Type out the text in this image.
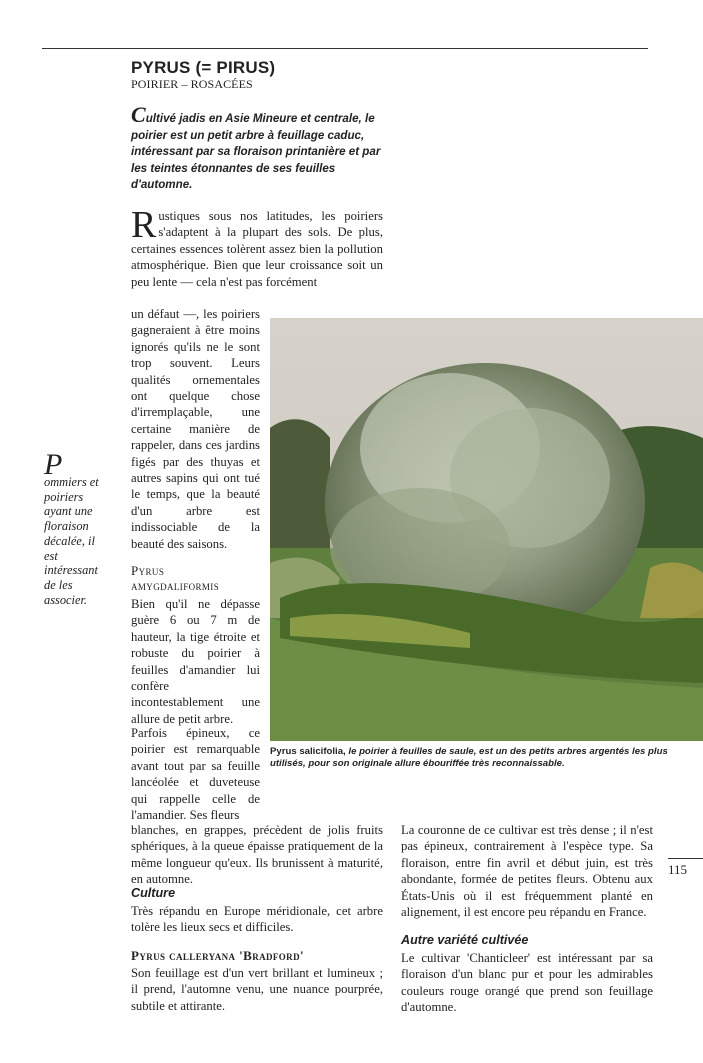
PYRUS (= PIRUS)
POIRIER – ROSACÉES
Cultivé jadis en Asie Mineure et centrale, le poirier est un petit arbre à feuillage caduc, intéressant par sa floraison printanière et par les teintes étonnantes de ses feuilles d'automne.
Rustiques sous nos latitudes, les poiriers s'adaptent à la plupart des sols. De plus, certaines essences tolèrent assez bien la pollution atmosphérique. Bien que leur croissance soit un peu lente — cela n'est pas forcément
un défaut —, les poiriers gagneraient à être moins ignorés qu'ils ne le sont trop souvent. Leurs qualités ornementales ont quelque chose d'irremplaçable, une certaine manière de rappeler, dans ces jardins figés par des thuyas et autres sapins qui ont tué le temps, que la beauté d'un arbre est indissociable de la beauté des saisons.
P
ommiers et poiriers ayant une floraison décalée, il est intéressant de les associer.
Pyrus salicifolia, le poirier à feuilles de saule, est un des petits arbres argentés les plus utilisés, pour son originale allure ébouriffée très reconnaissable.
Pyrus
amygdaliformis
Bien qu'il ne dépasse guère 6 ou 7 m de hauteur, la tige étroite et robuste du poirier à feuilles d'amandier lui confère incontestablement une allure de petit arbre.
Parfois épineux, ce poirier est remarquable avant tout par sa feuille lancéolée et duveteuse qui rappelle celle de l'amandier. Ses fleurs
blanches, en grappes, précèdent de jolis fruits sphériques, à la queue épaisse pratiquement de la même longueur qu'eux. Ils brunissent à maturité, en automne.
Culture
Très répandu en Europe méridionale, cet arbre tolère les lieux secs et difficiles.
Pyrus calleryana 'Bradford'
Son feuillage est d'un vert brillant et lumineux ; il prend, l'automne venu, une nuance pourprée, subtile et attirante.
La couronne de ce cultivar est très dense ; il n'est pas épineux, contrairement à l'espèce type. Sa floraison, entre fin avril et début juin, est très abondante, formée de petites fleurs. Obtenu aux États-Unis où il est fréquemment planté en alignement, il est encore peu répandu en France.
Autre variété cultivée
Le cultivar 'Chanticleer' est intéressant par sa floraison d'un blanc pur et pour les admirables couleurs rouge orangé que prend son feuillage d'automne.
115
